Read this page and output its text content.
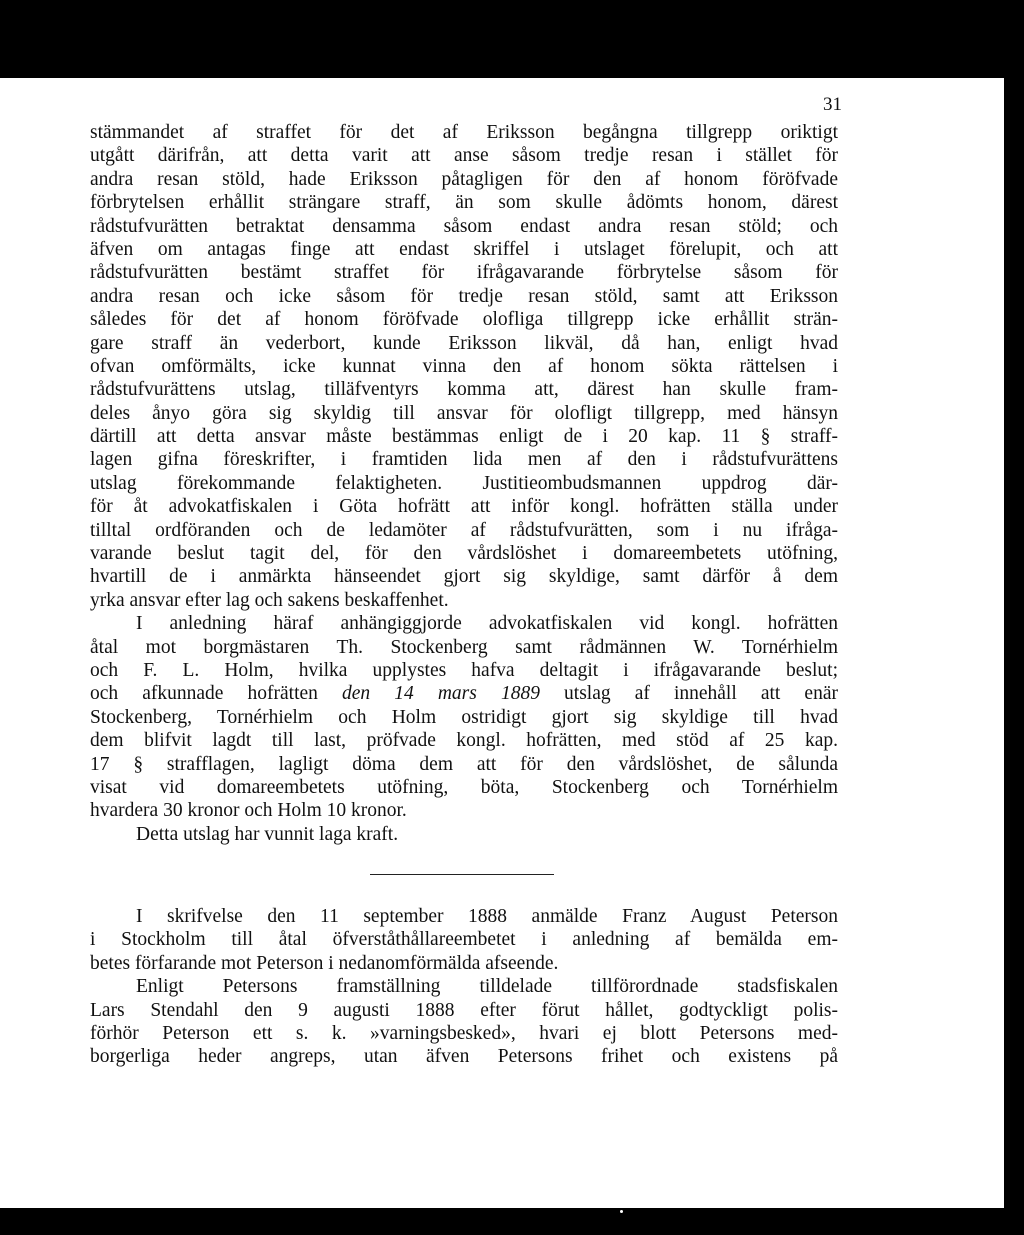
31
stämmandet af straffet för det af Eriksson begångna tillgrepp oriktigt
utgått därifrån, att detta varit att anse såsom tredje resan i stället för
andra resan stöld, hade Eriksson påtagligen för den af honom föröfvade
förbrytelsen erhållit strängare straff, än som skulle ådömts honom, därest
rådstufvurätten betraktat densamma såsom endast andra resan stöld; och
äfven om antagas finge att endast skriffel i utslaget förelupit, och att
rådstufvurätten bestämt straffet för ifrågavarande förbrytelse såsom för
andra resan och icke såsom för tredje resan stöld, samt att Eriksson
således för det af honom föröfvade olofliga tillgrepp icke erhållit strän-
gare straff än vederbort, kunde Eriksson likväl, då han, enligt hvad
ofvan omförmälts, icke kunnat vinna den af honom sökta rättelsen i
rådstufvurättens utslag, tilläfventyrs komma att, därest han skulle fram-
deles ånyo göra sig skyldig till ansvar för olofligt tillgrepp, med hänsyn
därtill att detta ansvar måste bestämmas enligt de i 20 kap. 11 § straff-
lagen gifna föreskrifter, i framtiden lida men af den i rådstufvurättens
utslag förekommande felaktigheten. Justitieombudsmannen uppdrog där-
för åt advokatfiskalen i Göta hofrätt att inför kongl. hofrätten ställa under
tilltal ordföranden och de ledamöter af rådstufvurätten, som i nu ifråga-
varande beslut tagit del, för den vårdslöshet i domareembetets utöfning,
hvartill de i anmärkta hänseendet gjort sig skyldige, samt därför å dem
yrka ansvar efter lag och sakens beskaffenhet.
I anledning häraf anhängiggjorde advokatfiskalen vid kongl. hofrätten
åtal mot borgmästaren Th. Stockenberg samt rådmännen W. Tornérhielm
och F. L. Holm, hvilka upplystes hafva deltagit i ifrågavarande beslut;
och afkunnade hofrätten den 14 mars 1889 utslag af innehåll att enär
Stockenberg, Tornérhielm och Holm ostridigt gjort sig skyldige till hvad
dem blifvit lagdt till last, pröfvade kongl. hofrätten, med stöd af 25 kap.
17 § strafflagen, lagligt döma dem att för den vårdslöshet, de sålunda
visat vid domareembetets utöfning, böta, Stockenberg och Tornérhielm
hvardera 30 kronor och Holm 10 kronor.
Detta utslag har vunnit laga kraft.
I skrifvelse den 11 september 1888 anmälde Franz August Peterson
i Stockholm till åtal öfverståthållareembetet i anledning af bemälda em-
betes förfarande mot Peterson i nedanomförmälda afseende.
Enligt Petersons framställning tilldelade tillförordnade stadsfiskalen
Lars Stendahl den 9 augusti 1888 efter förut hållet, godtyckligt polis-
förhör Peterson ett s. k. »varningsbesked», hvari ej blott Petersons med-
borgerliga heder angreps, utan äfven Petersons frihet och existens på
